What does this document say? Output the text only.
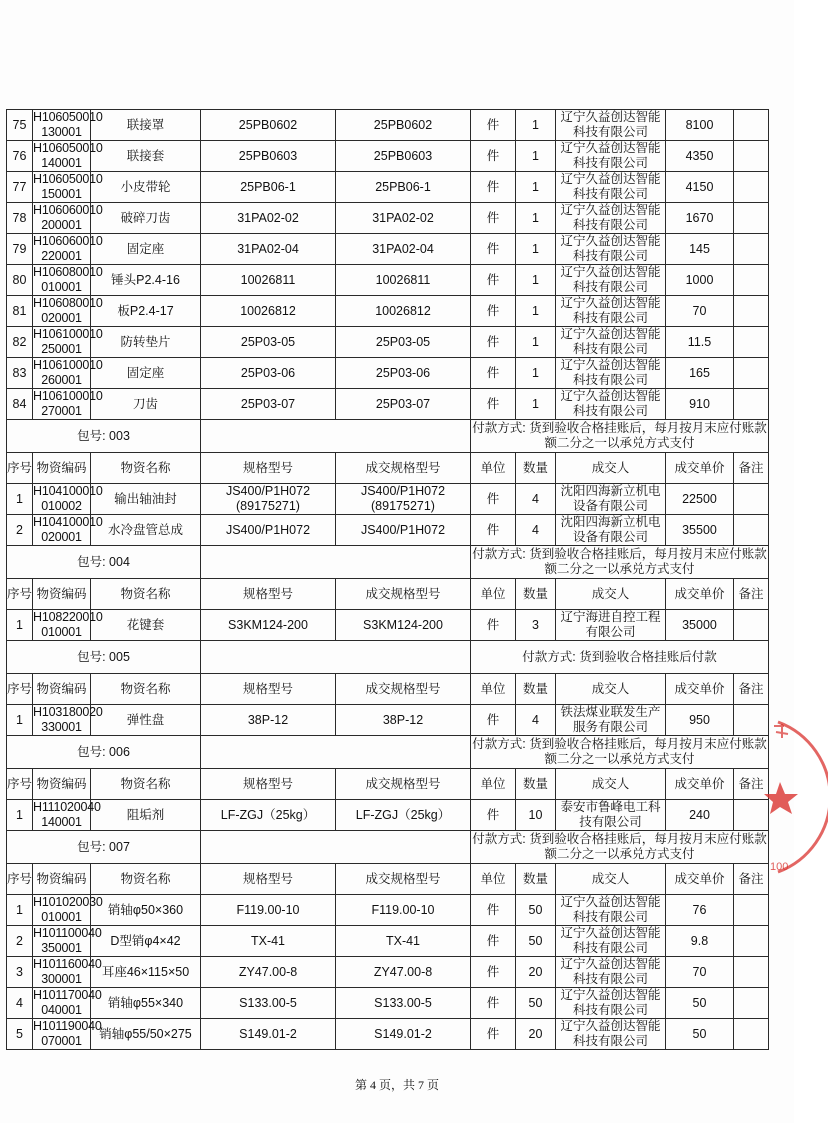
75	H106050010 130001	联接罩	25PB0602	25PB0602	件	1	辽宁久益创达智能科技有限公司	8100	
76	H106050010 140001	联接套	25PB0603	25PB0603	件	1	辽宁久益创达智能科技有限公司	4350	
77	H106050010 150001	小皮带轮	25PB06-1	25PB06-1	件	1	辽宁久益创达智能科技有限公司	4150	
78	H106060010 200001	破碎刀齿	31PA02-02	31PA02-02	件	1	辽宁久益创达智能科技有限公司	1670	
79	H106060010 220001	固定座	31PA02-04	31PA02-04	件	1	辽宁久益创达智能科技有限公司	145	
80	H106080010 010001	锤头P2.4-16	10026811	10026811	件	1	辽宁久益创达智能科技有限公司	1000	
81	H106080010 020001	板P2.4-17	10026812	10026812	件	1	辽宁久益创达智能科技有限公司	70	
82	H106100010 250001	防转垫片	25P03-05	25P03-05	件	1	辽宁久益创达智能科技有限公司	11.5	
83	H106100010 260001	固定座	25P03-06	25P03-06	件	1	辽宁久益创达智能科技有限公司	165	
84	H106100010 270001	刀齿	25P03-07	25P03-07	件	1	辽宁久益创达智能科技有限公司	910	
包号: 003					付款方式: 货到验收合格挂账后，每月按月末应付账款额二分之一以承兑方式支付				
序号	物资编码	物资名称	规格型号	成交规格型号	单位	数量	成交人	成交单价	备注
1	H104100010 010002	输出轴油封	JS400/P1H072 (89175271)	JS400/P1H072 (89175271)	件	4	沈阳四海新立机电设备有限公司	22500	
2	H104100010 020001	水冷盘管总成	JS400/P1H072	JS400/P1H072	件	4	沈阳四海新立机电设备有限公司	35500	
包号: 004					付款方式: 货到验收合格挂账后，每月按月末应付账款额二分之一以承兑方式支付				
序号	物资编码	物资名称	规格型号	成交规格型号	单位	数量	成交人	成交单价	备注
1	H108220010 010001	花键套	S3KM124-200	S3KM124-200	件	3	辽宁海进自控工程有限公司	35000	
包号: 005					付款方式: 货到验收合格挂账后付款				
序号	物资编码	物资名称	规格型号	成交规格型号	单位	数量	成交人	成交单价	备注
1	H103180020 330001	弹性盘	38P-12	38P-12	件	4	铁法煤业联发生产服务有限公司	950	
包号: 006					付款方式: 货到验收合格挂账后，每月按月末应付账款额二分之一以承兑方式支付				
序号	物资编码	物资名称	规格型号	成交规格型号	单位	数量	成交人	成交单价	备注
1	H111020040 140001	阻垢剂	LF-ZGJ（25kg）	LF-ZGJ（25kg）	件	10	泰安市鲁峰电工科技有限公司	240	
包号: 007					付款方式: 货到验收合格挂账后，每月按月末应付账款额二分之一以承兑方式支付				
序号	物资编码	物资名称	规格型号	成交规格型号	单位	数量	成交人	成交单价	备注
1	H101020030 010001	销轴φ50×360	F119.00-10	F119.00-10	件	50	辽宁久益创达智能科技有限公司	76	
2	H101100040 350001	D型销φ4×42	TX-41	TX-41	件	50	辽宁久益创达智能科技有限公司	9.8	
3	H101160040 300001	耳座46×115×50	ZY47.00-8	ZY47.00-8	件	20	辽宁久益创达智能科技有限公司	70	
4	H101170040 040001	销轴φ55×340	S133.00-5	S133.00-5	件	50	辽宁久益创达智能科技有限公司	50	
5	H101190040 070001	销轴φ55/50×275	S149.01-2	S149.01-2	件	20	辽宁久益创达智能科技有限公司	50	
第 4 页，共 7 页
100
